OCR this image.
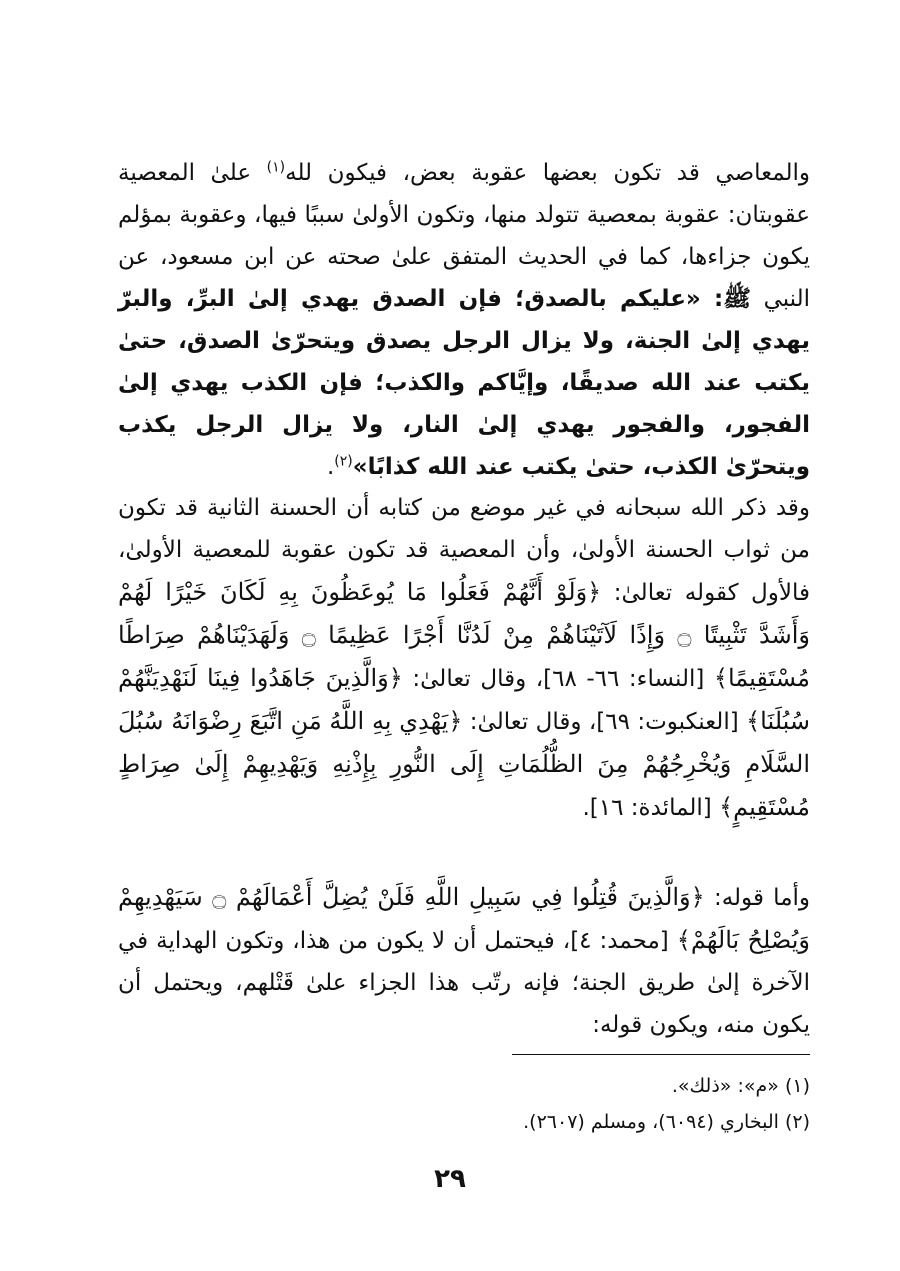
والمعاصي قد تكون بعضها عقوبة بعض، فيكون لله$^{(١)}$ علىٰ المعصية عقوبتان: عقوبة بمعصية تتولد منها، وتكون الأولىٰ سببًا فيها، وعقوبة بمؤلم يكون جزاءها، كما في الحديث المتفق علىٰ صحته عن ابن مسعود، عن النبي ﷺ: «عليكم بالصدق؛ فإن الصدق يهدي إلىٰ البرِّ، والبرّ يهدي إلىٰ الجنة، ولا يزال الرجل يصدق ويتحرّىٰ الصدق، حتىٰ يكتب عند الله صديقًا، وإيَّاكم والكذب؛ فإن الكذب يهدي إلىٰ الفجور، والفجور يهدي إلىٰ النار، ولا يزال الرجل يكذب ويتحرّىٰ الكذب، حتىٰ يكتب عند الله كذابًا»$^{(٢)}$.
وقد ذكر الله سبحانه في غير موضع من كتابه أن الحسنة الثانية قد تكون من ثواب الحسنة الأولىٰ، وأن المعصية قد تكون عقوبة للمعصية الأولىٰ، فالأول كقوله تعالىٰ: ﴿وَلَوْ أَنَّهُمْ فَعَلُوا مَا يُوعَظُونَ بِهِ لَكَانَ خَيْرًا لَهُمْ وَأَشَدَّ تَثْبِيتًا ۝ وَإِذًا لَآتَيْنَاهُمْ مِنْ لَدُنَّا أَجْرًا عَظِيمًا ۝ وَلَهَدَيْنَاهُمْ صِرَاطًا مُسْتَقِيمًا﴾ [النساء: ٦٦- ٦٨]، وقال تعالىٰ: ﴿وَالَّذِينَ جَاهَدُوا فِينَا لَنَهْدِيَنَّهُمْ سُبُلَنَا﴾ [العنكبوت: ٦٩]، وقال تعالىٰ: ﴿يَهْدِي بِهِ اللَّهُ مَنِ اتَّبَعَ رِضْوَانَهُ سُبُلَ السَّلَامِ وَيُخْرِجُهُمْ مِنَ الظُّلُمَاتِ إِلَى النُّورِ بِإِذْنِهِ وَيَهْدِيهِمْ إِلَىٰ صِرَاطٍ مُسْتَقِيمٍ﴾ [المائدة: ١٦].
وأما قوله: ﴿وَالَّذِينَ قُتِلُوا فِي سَبِيلِ اللَّهِ فَلَنْ يُضِلَّ أَعْمَالَهُمْ ۝ سَيَهْدِيهِمْ وَيُصْلِحُ بَالَهُمْ﴾ [محمد: ٤]، فيحتمل أن لا يكون من هذا، وتكون الهداية في الآخرة إلىٰ طريق الجنة؛ فإنه رتّب هذا الجزاء علىٰ قَتْلهم، ويحتمل أن يكون منه، ويكون قوله:
(١) «م»: «ذلك».
(٢) البخاري (٦٠٩٤)، ومسلم (٢٦٠٧).
٢٩
